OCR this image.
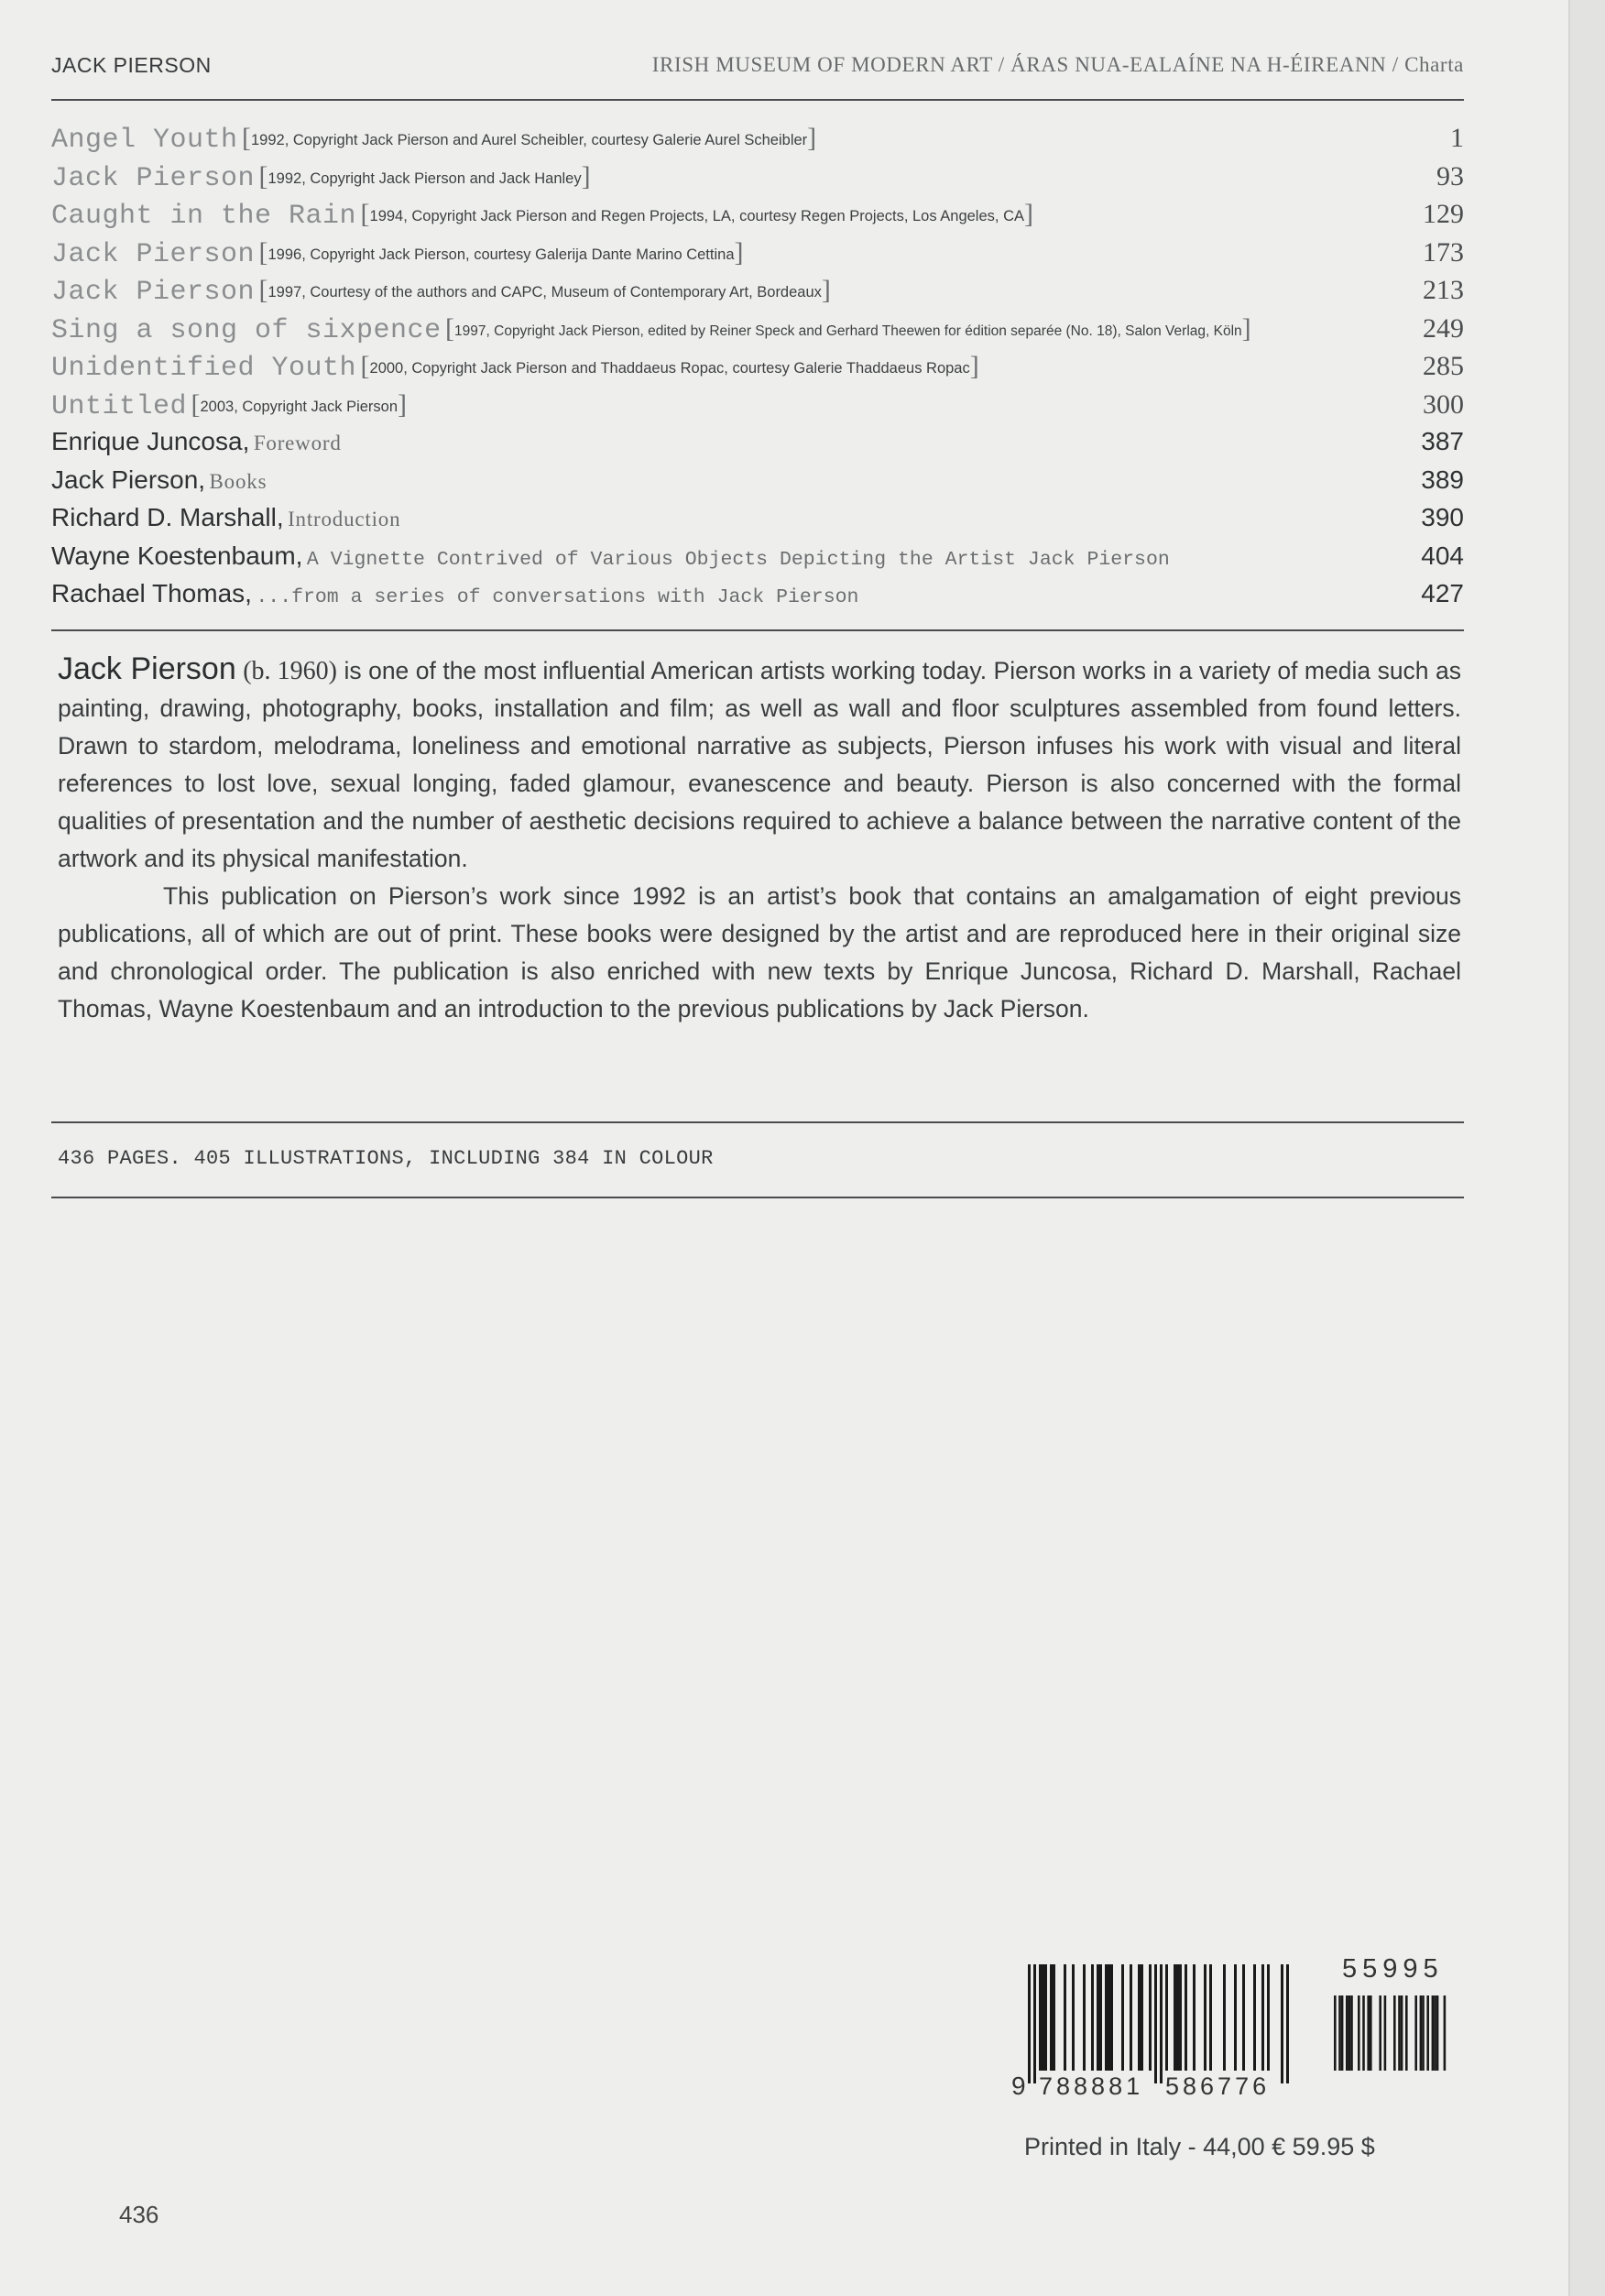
JACK PIERSON	IRISH MUSEUM OF MODERN ART / ÁRAS NUA-EALAÍNE NA H-ÉIREANN / Charta
Angel Youth [1992, Copyright Jack Pierson and Aurel Scheibler, courtesy Galerie Aurel Scheibler]	1
Jack Pierson [1992, Copyright Jack Pierson and Jack Hanley]	93
Caught in the Rain [1994, Copyright Jack Pierson and Regen Projects, LA, courtesy Regen Projects, Los Angeles, CA]	129
Jack Pierson [1996, Copyright Jack Pierson, courtesy Galerija Dante Marino Cettina]	173
Jack Pierson [1997, Courtesy of the authors and CAPC, Museum of Contemporary Art, Bordeaux]	213
Sing a song of sixpence [1997, Copyright Jack Pierson, edited by Reiner Speck and Gerhard Theewen for édition separée (No. 18), Salon Verlag, Köln]	249
Unidentified Youth [2000, Copyright Jack Pierson and Thaddaeus Ropac, courtesy Galerie Thaddaeus Ropac]	285
Untitled [2003, Copyright Jack Pierson]	300
Enrique Juncosa, Foreword	387
Jack Pierson, Books	389
Richard D. Marshall, Introduction	390
Wayne Koestenbaum, A Vignette Contrived of Various Objects Depicting the Artist Jack Pierson	404
Rachael Thomas, ...from a series of conversations with Jack Pierson	427

Jack Pierson (b. 1960) is one of the most influential American artists working today. Pierson works in a variety of media such as painting, drawing, photography, books, installation and film; as well as wall and floor sculptures assembled from found letters. Drawn to stardom, melodrama, loneliness and emotional narrative as subjects, Pierson infuses his work with visual and literal references to lost love, sexual longing, faded glamour, evanescence and beauty. Pierson is also concerned with the formal qualities of presentation and the number of aesthetic decisions required to achieve a balance between the narrative content of the artwork and its physical manifestation.

This publication on Pierson’s work since 1992 is an artist’s book that contains an amalgamation of eight previous publications, all of which are out of print. These books were designed by the artist and are reproduced here in their original size and chronological order. The publication is also enriched with new texts by Enrique Juncosa, Richard D. Marshall, Rachael Thomas, Wayne Koestenbaum and an introduction to the previous publications by Jack Pierson.

436 PAGES. 405 ILLUSTRATIONS, INCLUDING 384 IN COLOUR
9 788881 586776
55995
Printed in Italy - 44,00 € 59.95 $
436
